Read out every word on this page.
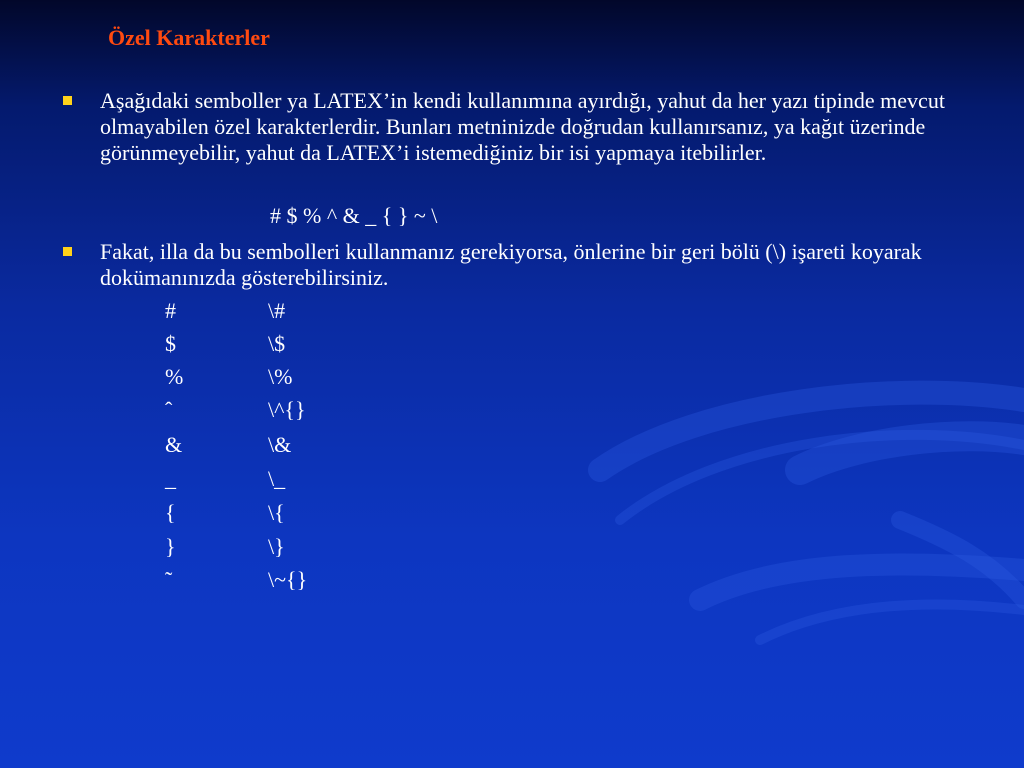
Özel Karakterler

Aşağıdaki semboller ya LATEX’in kendi kullanımına ayırdığı, yahut da her yazı tipinde mevcut olmayabilen özel karakterlerdir. Bunları metninizde doğrudan kullanırsanız, ya kağıt üzerinde görünmeyebilir, yahut da LATEX’i istemediğiniz bir isi yapmaya itebilirler.

# $ % ^ & _ { } ~ \

Fakat, illa da bu sembolleri kullanmanız gerekiyorsa, önlerine bir geri bölü (\) işareti koyarak dokümanınızda gösterebilirsiniz.

#	\#
$	\$
%	\%
ˆ	\^{}
&	\&
_	\_
{	\{
}	\}
˜	\~{}
